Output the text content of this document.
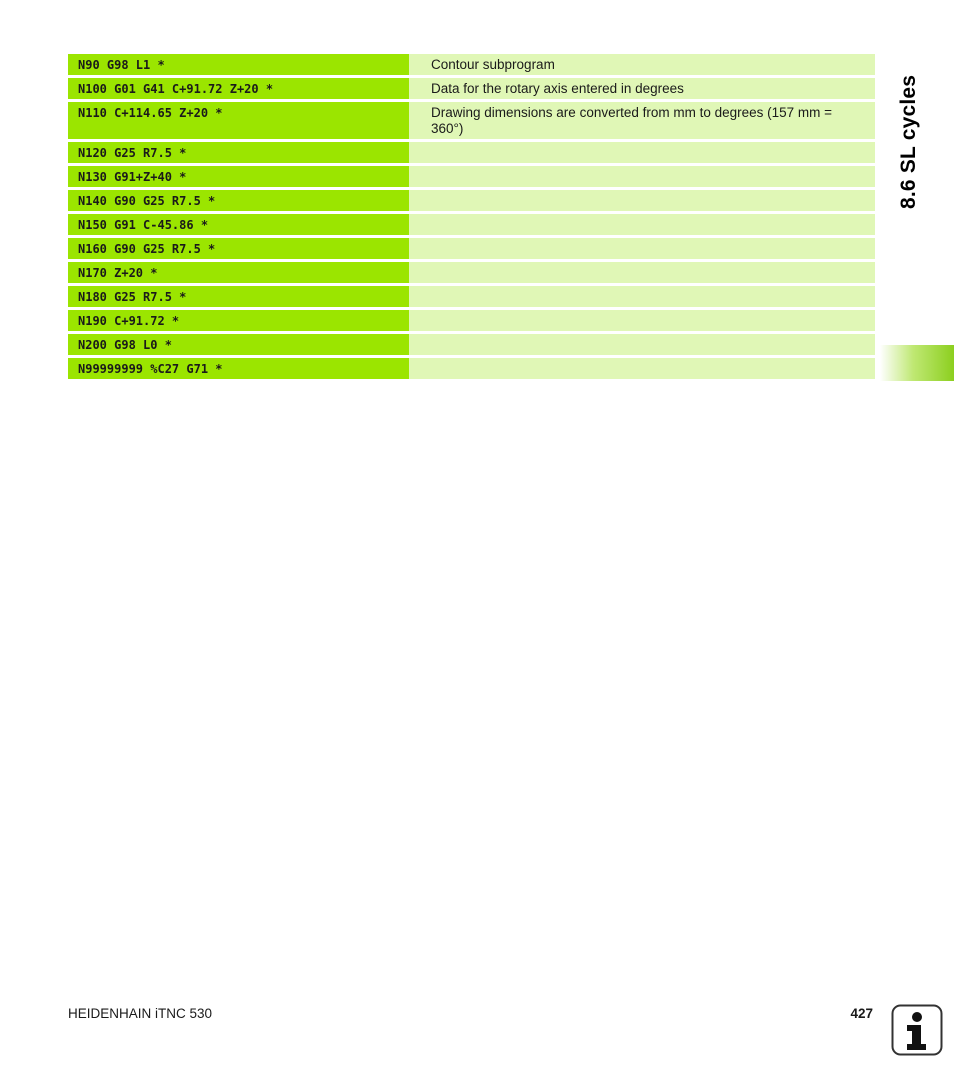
N90 G98 L1 *	Contour subprogram
N100 G01 G41 C+91.72 Z+20 *	Data for the rotary axis entered in degrees
N110 C+114.65 Z+20 *	Drawing dimensions are converted from mm to degrees (157 mm = 360°)
N120 G25 R7.5 *
N130 G91+Z+40 *
N140 G90 G25 R7.5 *
N150 G91 C-45.86 *
N160 G90 G25 R7.5 *
N170 Z+20 *
N180 G25 R7.5 *
N190 C+91.72 *
N200 G98 L0 *
N99999999 %C27 G71 *
8.6 SL cycles
HEIDENHAIN iTNC 530	427
